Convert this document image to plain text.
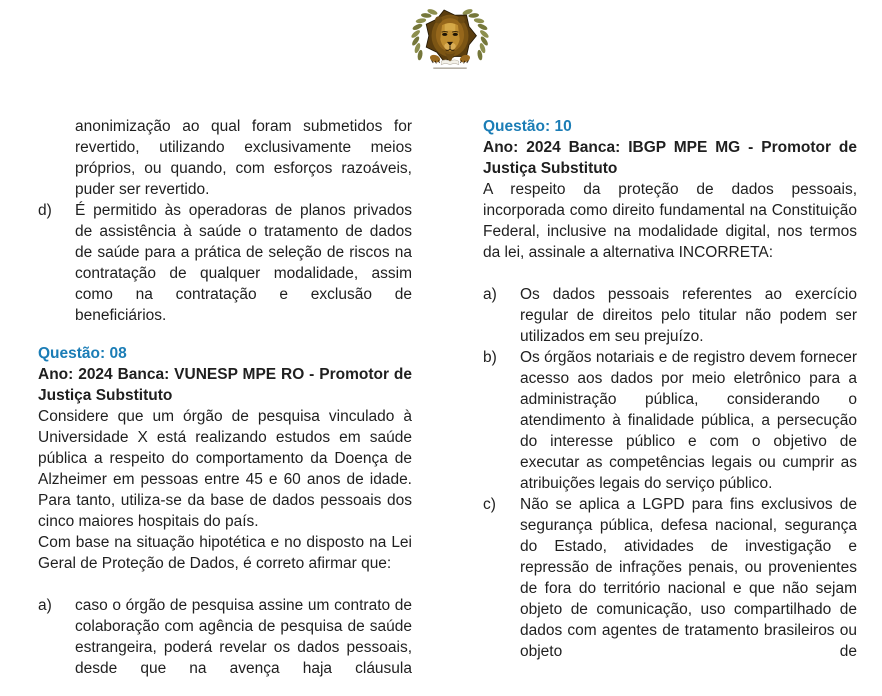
anonimização ao qual foram submetidos for revertido, utilizando exclusivamente meios próprios, ou quando, com esforços razoáveis, puder ser revertido.
d) É permitido às operadoras de planos privados de assistência à saúde o tratamento de dados de saúde para a prática de seleção de riscos na contratação de qualquer modalidade, assim como na contratação e exclusão de beneficiários.
Questão: 08
Ano: 2024 Banca: VUNESP MPE RO - Promotor de Justiça Substituto
Considere que um órgão de pesquisa vinculado à Universidade X está realizando estudos em saúde pública a respeito do comportamento da Doença de Alzheimer em pessoas entre 45 e 60 anos de idade. Para tanto, utiliza-se da base de dados pessoais dos cinco maiores hospitais do país.
Com base na situação hipotética e no disposto na Lei Geral de Proteção de Dados, é correto afirmar que:
a) caso o órgão de pesquisa assine um contrato de colaboração com agência de pesquisa de saúde estrangeira, poderá revelar os dados pessoais, desde que na avença haja cláusula
Questão: 10
Ano: 2024 Banca: IBGP MPE MG - Promotor de Justiça Substituto
A respeito da proteção de dados pessoais, incorporada como direito fundamental na Constituição Federal, inclusive na modalidade digital, nos termos da lei, assinale a alternativa INCORRETA:
a) Os dados pessoais referentes ao exercício regular de direitos pelo titular não podem ser utilizados em seu prejuízo.
b) Os órgãos notariais e de registro devem fornecer acesso aos dados por meio eletrônico para a administração pública, considerando o atendimento à finalidade pública, a persecução do interesse público e com o objetivo de executar as competências legais ou cumprir as atribuições legais do serviço público.
c) Não se aplica a LGPD para fins exclusivos de segurança pública, defesa nacional, segurança do Estado, atividades de investigação e repressão de infrações penais, ou provenientes de fora do território nacional e que não sejam objeto de comunicação, uso compartilhado de dados com agentes de tratamento brasileiros ou objeto de
